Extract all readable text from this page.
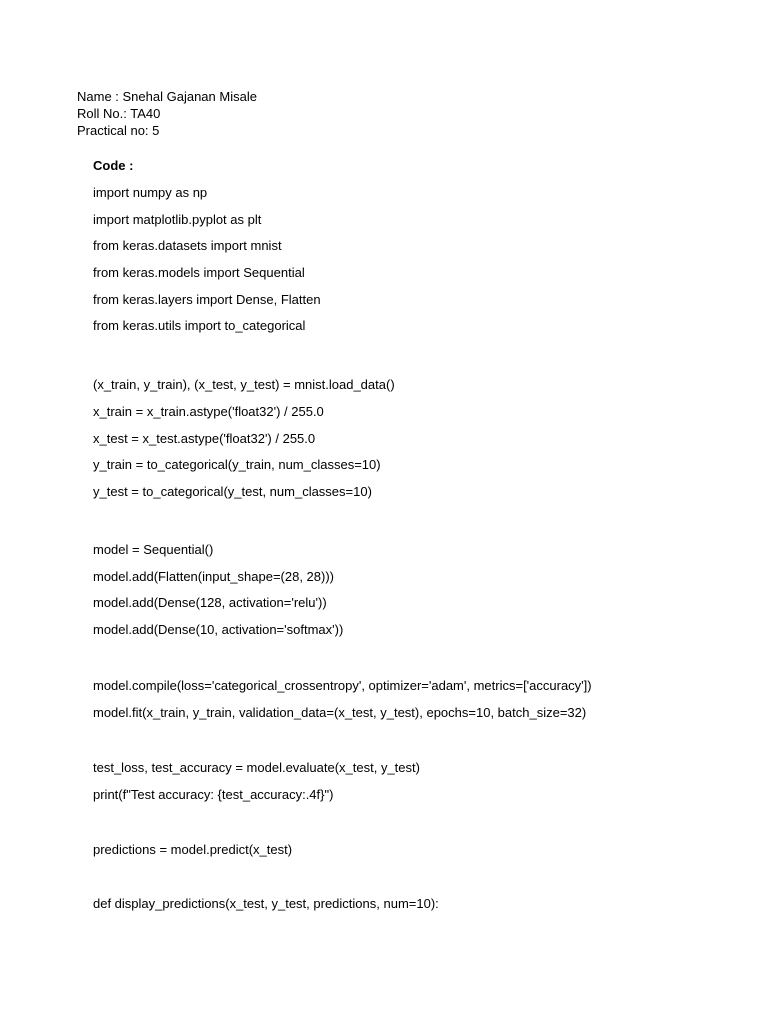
Name : Snehal Gajanan Misale
Roll No.: TA40
Practical no: 5
Code :
import numpy as np
import matplotlib.pyplot as plt
from keras.datasets import mnist
from keras.models import Sequential
from keras.layers import Dense, Flatten
from keras.utils import to_categorical
(x_train, y_train), (x_test, y_test) = mnist.load_data()
x_train = x_train.astype('float32') / 255.0
x_test = x_test.astype('float32') / 255.0
y_train = to_categorical(y_train, num_classes=10)
y_test = to_categorical(y_test, num_classes=10)
model = Sequential()
model.add(Flatten(input_shape=(28, 28)))
model.add(Dense(128, activation='relu'))
model.add(Dense(10, activation='softmax'))
model.compile(loss='categorical_crossentropy', optimizer='adam', metrics=['accuracy'])
model.fit(x_train, y_train, validation_data=(x_test, y_test), epochs=10, batch_size=32)
test_loss, test_accuracy = model.evaluate(x_test, y_test)
print(f"Test accuracy: {test_accuracy:.4f}")
predictions = model.predict(x_test)
def display_predictions(x_test, y_test, predictions, num=10):
